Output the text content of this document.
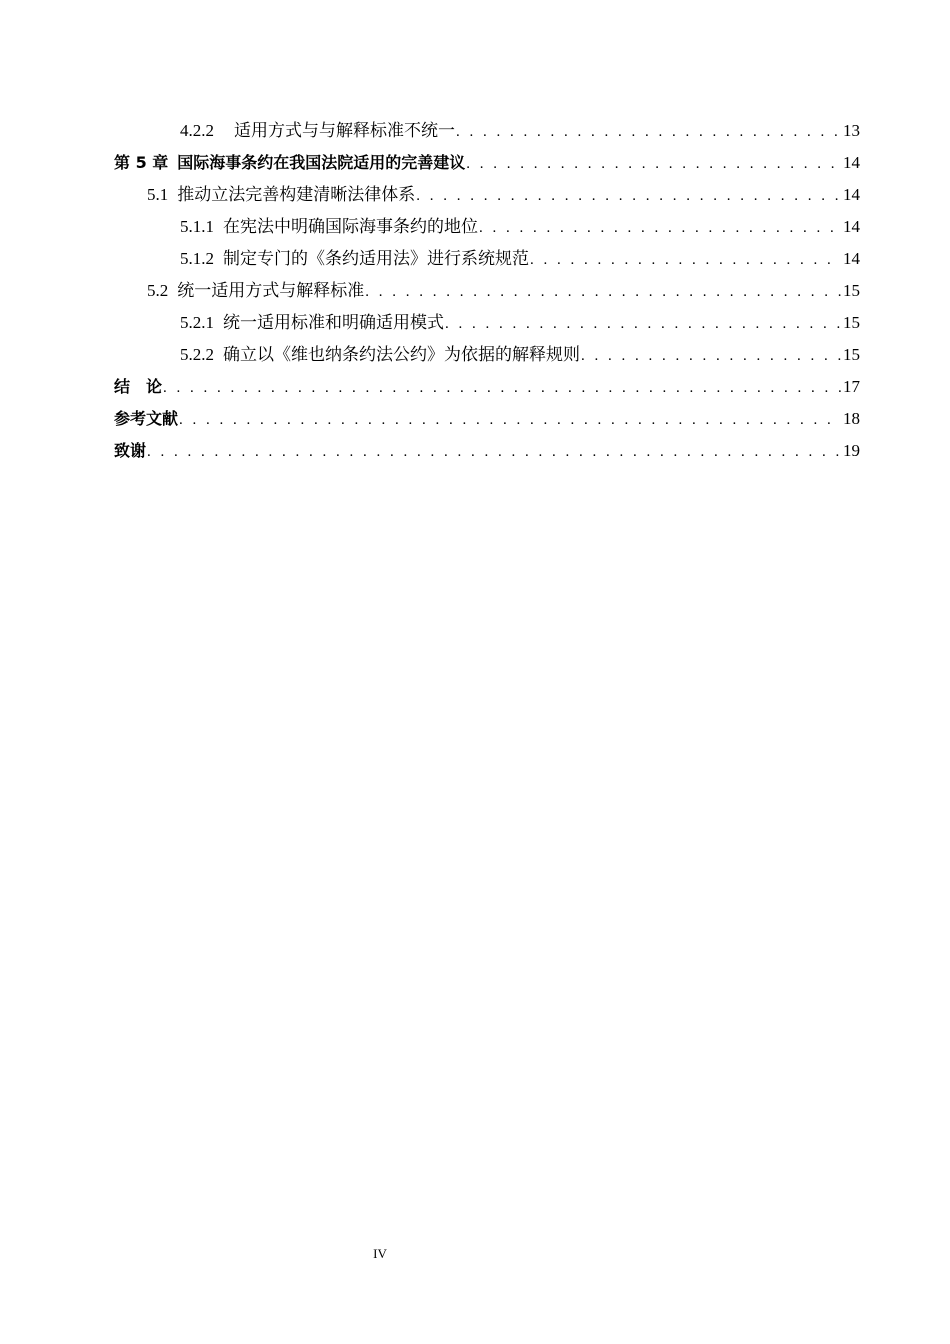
4.2.2 适用方式与与解释标准不统一 . . .	13
第 5 章 国际海事条约在我国法院适用的完善建议 . . .	14
5.1 推动立法完善构建清晰法律体系 . . .	14
5.1.1 在宪法中明确国际海事条约的地位 . . .	14
5.1.2 制定专门的《条约适用法》进行系统规范 . . .	14
5.2 统一适用方式与解释标准 . . .	15
5.2.1 统一适用标准和明确适用模式 . . .	15
5.2.2 确立以《维也纳条约法公约》为依据的解释规则 . . .	15
结　论 . . .	17
参考文献 . . .	18
致谢 . . .	19
IV
